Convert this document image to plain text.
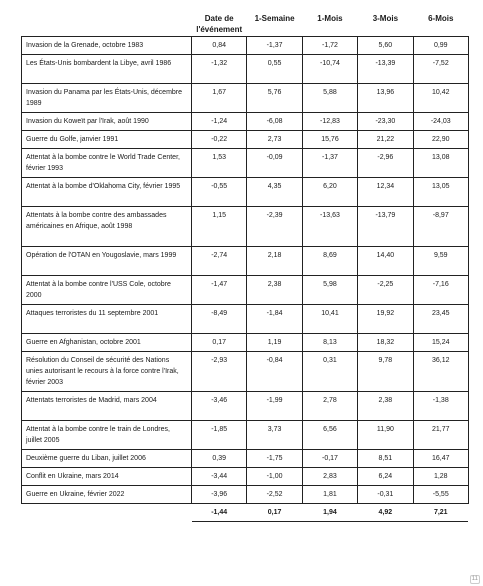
	Date de l'événement	1-Semaine	1-Mois	3-Mois	6-Mois
Invasion de la Grenade, octobre 1983	0,84	-1,37	-1,72	5,60	0,99
Les États-Unis bombardent la Libye, avril 1986	-1,32	0,55	-10,74	-13,39	-7,52
Invasion du Panama par les États-Unis, décembre 1989	1,67	5,76	5,88	13,96	10,42
Invasion du Koweït par l'Irak, août 1990	-1,24	-6,08	-12,83	-23,30	-24,03
Guerre du Golfe, janvier 1991	-0,22	2,73	15,76	21,22	22,90
Attentat à la bombe contre le World Trade Center, février 1993	1,53	-0,09	-1,37	-2,96	13,08
Attentat à la bombe d'Oklahoma City, février 1995	-0,55	4,35	6,20	12,34	13,05
Attentats à la bombe contre des ambassades américaines en Afrique, août 1998	1,15	-2,39	-13,63	-13,79	-8,97
Opération de l'OTAN en Yougoslavie, mars 1999	-2,74	2,18	8,69	14,40	9,59
Attentat à la bombe contre l'USS Cole, octobre 2000	-1,47	2,38	5,98	-2,25	-7,16
Attaques terroristes du 11 septembre 2001	-8,49	-1,84	10,41	19,92	23,45
Guerre en Afghanistan, octobre 2001	0,17	1,19	8,13	18,32	15,24
Résolution du Conseil de sécurité des Nations unies autorisant le recours à la force contre l'Irak, février 2003	-2,93	-0,84	0,31	9,78	36,12
Attentats terroristes de Madrid, mars 2004	-3,46	-1,99	2,78	2,38	-1,38
Attentat à la bombe contre le train de Londres, juillet 2005	-1,85	3,73	6,56	11,90	21,77
Deuxième guerre du Liban, juillet 2006	0,39	-1,75	-0,17	8,51	16,47
Conflit en Ukraine, mars 2014	-3,44	-1,00	2,83	6,24	1,28
Guerre en Ukraine, février 2022	-3,96	-2,52	1,81	-0,31	-5,55
	-1,44	0,17	1,94	4,92	7,21
11
